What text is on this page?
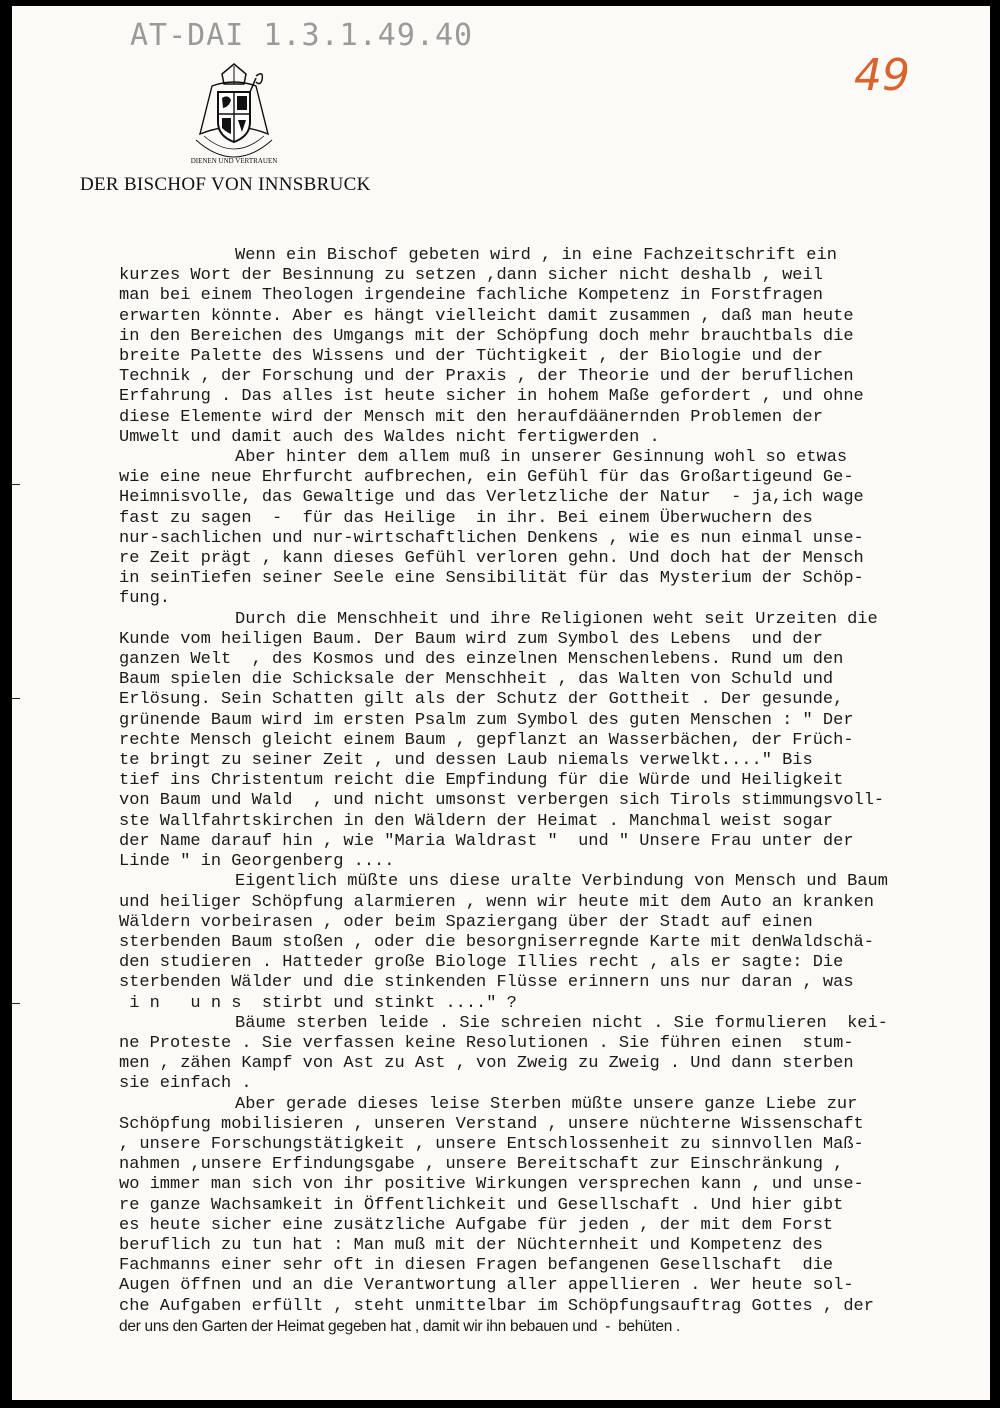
AT-DAI 1.3.1.49.40
49
DIENEN UND VERTRAUEN
DER BISCHOF VON INNSBRUCK

Wenn ein Bischof gebeten wird , in eine Fachzeitschrift ein

kurzes Wort der Besinnung zu setzen ,dann sicher nicht deshalb , weil

man bei einem Theologen irgendeine fachliche Kompetenz in Forstfragen

erwarten könnte. Aber es hängt vielleicht damit zusammen , daß man heute

in den Bereichen des Umgangs mit der Schöpfung doch mehr brauchtbals die

breite Palette des Wissens und der Tüchtigkeit , der Biologie und der

Technik , der Forschung und der Praxis , der Theorie und der beruflichen

Erfahrung . Das alles ist heute sicher in hohem Maße gefordert , und ohne

diese Elemente wird der Mensch mit den heraufdäänernden Problemen der

Umwelt und damit auch des Waldes nicht fertigwerden .

Aber hinter dem allem muß in unserer Gesinnung wohl so etwas

wie eine neue Ehrfurcht aufbrechen, ein Gefühl für das Großartigeund Ge-

Heimnisvolle, das Gewaltige und das Verletzliche der Natur  - ja,ich wage

fast zu sagen  -  für das Heilige  in ihr. Bei einem Überwuchern des

nur-sachlichen und nur-wirtschaftlichen Denkens , wie es nun einmal unse-

re Zeit prägt , kann dieses Gefühl verloren gehn. Und doch hat der Mensch

in seinTiefen seiner Seele eine Sensibilität für das Mysterium der Schöp-

fung.

Durch die Menschheit und ihre Religionen weht seit Urzeiten die

Kunde vom heiligen Baum. Der Baum wird zum Symbol des Lebens  und der

ganzen Welt  , des Kosmos und des einzelnen Menschenlebens. Rund um den

Baum spielen die Schicksale der Menschheit , das Walten von Schuld und

Erlösung. Sein Schatten gilt als der Schutz der Gottheit . Der gesunde,

grünende Baum wird im ersten Psalm zum Symbol des guten Menschen : " Der

rechte Mensch gleicht einem Baum , gepflanzt an Wasserbächen, der Früch-

te bringt zu seiner Zeit , und dessen Laub niemals verwelkt...." Bis

tief ins Christentum reicht die Empfindung für die Würde und Heiligkeit

von Baum und Wald  , und nicht umsonst verbergen sich Tirols stimmungsvoll-

ste Wallfahrtskirchen in den Wäldern der Heimat . Manchmal weist sogar

der Name darauf hin , wie "Maria Waldrast "  und " Unsere Frau unter der

Linde " in Georgenberg ....

Eigentlich müßte uns diese uralte Verbindung von Mensch und Baum

und heiliger Schöpfung alarmieren , wenn wir heute mit dem Auto an kranken

Wäldern vorbeirasen , oder beim Spaziergang über der Stadt auf einen

sterbenden Baum stoßen , oder die besorgniserregnde Karte mit denWaldschä-

den studieren . Hatteder große Biologe Illies recht , als er sagte: Die

sterbenden Wälder und die stinkenden Flüsse erinnern uns nur daran , was

i n   u n s  stirbt und stinkt ...." ?

Bäume sterben leide . Sie schreien nicht . Sie formulieren  kei-

ne Proteste . Sie verfassen keine Resolutionen . Sie führen einen  stum-

men , zähen Kampf von Ast zu Ast , von Zweig zu Zweig . Und dann sterben

sie einfach .

Aber gerade dieses leise Sterben müßte unsere ganze Liebe zur

Schöpfung mobilisieren , unseren Verstand , unsere nüchterne Wissenschaft

, unsere Forschungstätigkeit , unsere Entschlossenheit zu sinnvollen Maß-

nahmen ,unsere Erfindungsgabe , unsere Bereitschaft zur Einschränkung ,

wo immer man sich von ihr positive Wirkungen versprechen kann , und unse-

re ganze Wachsamkeit in Öffentlichkeit und Gesellschaft . Und hier gibt

es heute sicher eine zusätzliche Aufgabe für jeden , der mit dem Forst

beruflich zu tun hat : Man muß mit der Nüchternheit und Kompetenz des

Fachmanns einer sehr oft in diesen Fragen befangenen Gesellschaft  die

Augen öffnen und an die Verantwortung aller appellieren . Wer heute sol-

che Aufgaben erfüllt , steht unmittelbar im Schöpfungsauftrag Gottes , der

der uns den Garten der Heimat gegeben hat , damit wir ihn bebauen und  -  behüten .
